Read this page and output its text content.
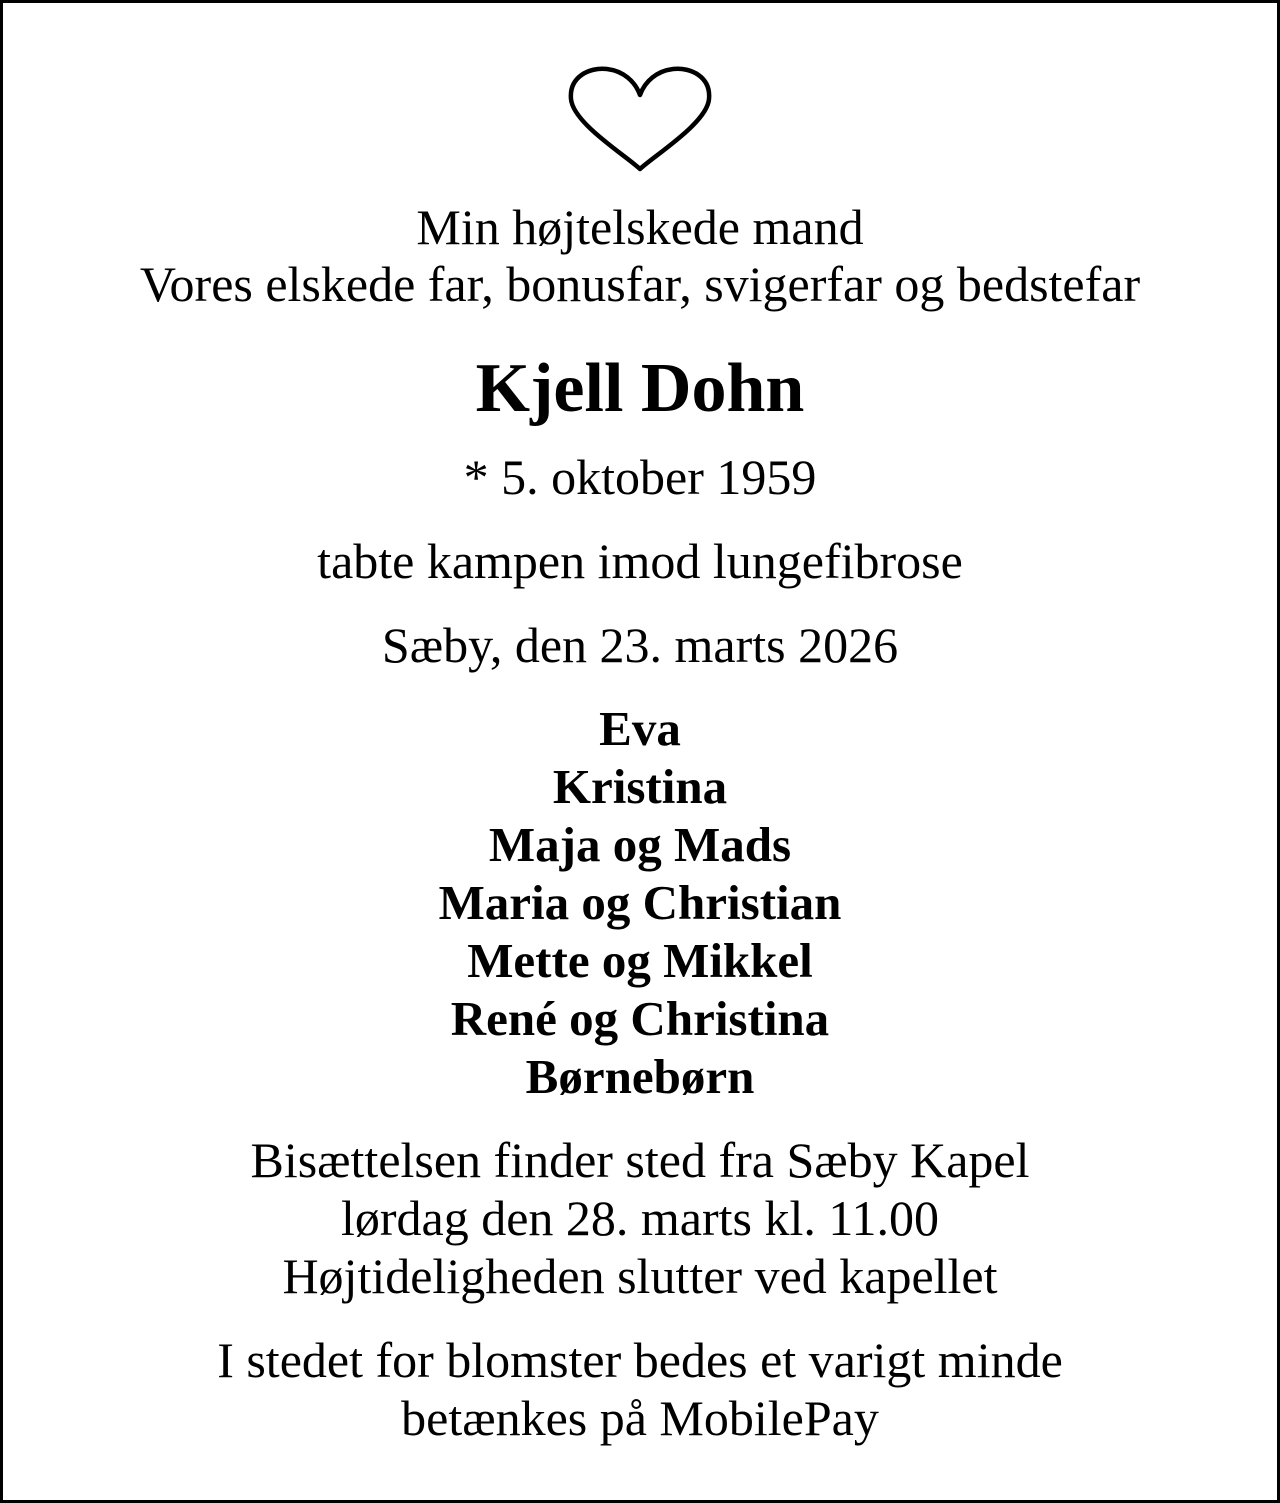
Min højtelskede mand
Vores elskede far, bonusfar, svigerfar og bedstefar
Kjell Dohn
* 5. oktober 1959
tabte kampen imod lungefibrose
Sæby, den 23. marts 2026
Eva
Kristina
Maja og Mads
Maria og Christian
Mette og Mikkel
René og Christina
Børnebørn
Bisættelsen finder sted fra Sæby Kapel
lørdag den 28. marts kl. 11.00
Højtideligheden slutter ved kapellet
I stedet for blomster bedes et varigt minde
betænkes på MobilePay
